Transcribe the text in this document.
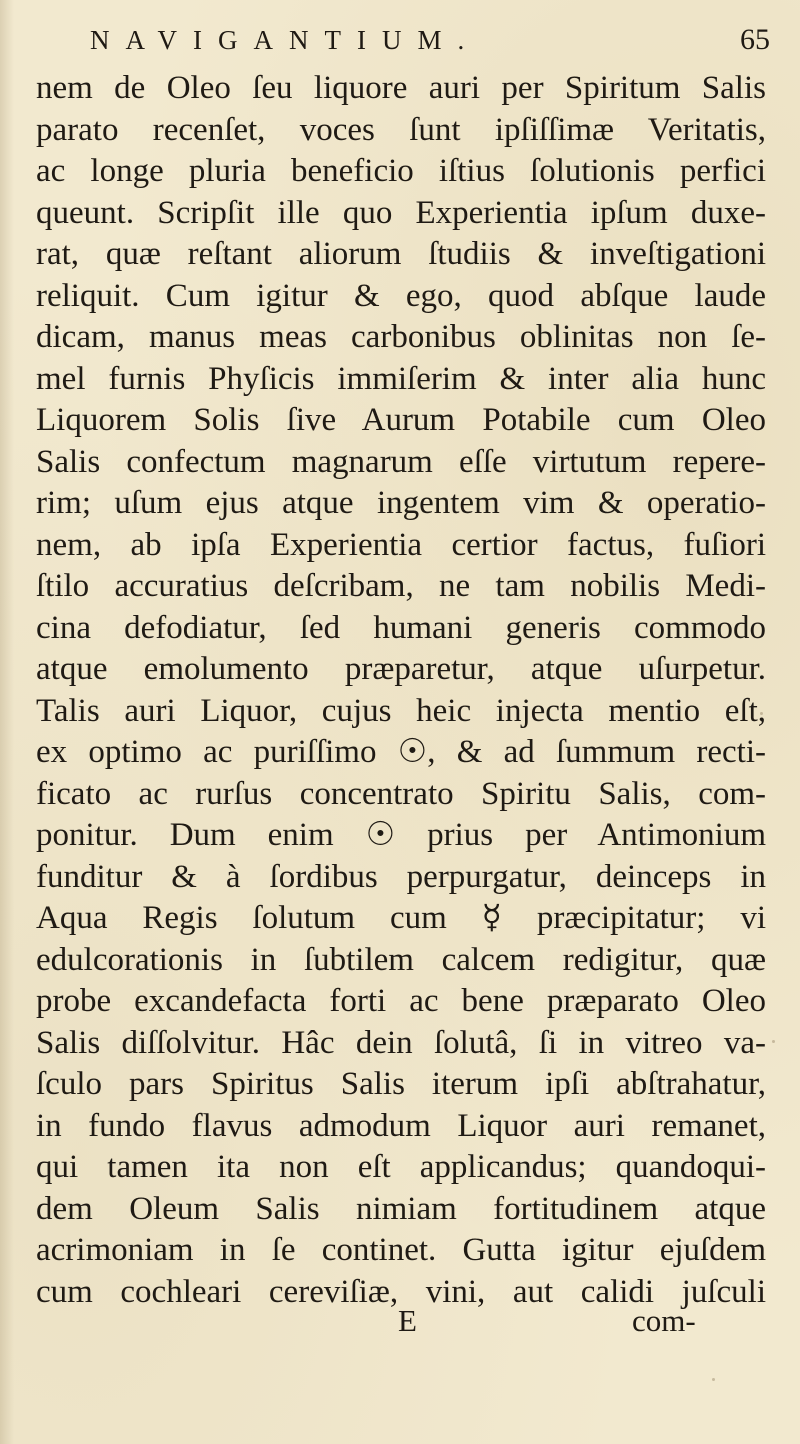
NAVIGANTIUM.	65
nem de Oleo ſeu liquore auri per Spiritum Salis
parato recenſet, voces ſunt ipſiſſimæ Veritatis,
ac longe pluria beneficio iſtius ſolutionis perfici
queunt. Scripſit ille quo Experientia ipſum duxe-
rat, quæ reſtant aliorum ſtudiis & inveſtigationi
reliquit. Cum igitur & ego, quod abſque laude
dicam, manus meas carbonibus oblinitas non ſe-
mel furnis Phyſicis immiſerim & inter alia hunc
Liquorem Solis ſive Aurum Potabile cum Oleo
Salis confectum magnarum eſſe virtutum repere-
rim; uſum ejus atque ingentem vim & operatio-
nem, ab ipſa Experientia certior factus, fuſiori
ſtilo accuratius deſcribam, ne tam nobilis Medi-
cina defodiatur, ſed humani generis commodo
atque emolumento præparetur, atque uſurpetur.
Talis auri Liquor, cujus heic injecta mentio eſt,
ex optimo ac puriſſimo ☉, & ad ſummum recti-
ficato ac rurſus concentrato Spiritu Salis, com-
ponitur. Dum enim ☉ prius per Antimonium
funditur & à ſordibus perpurgatur, deinceps in
Aqua Regis ſolutum cum ☿ præcipitatur; vi
edulcorationis in ſubtilem calcem redigitur, quæ
probe excandefacta forti ac bene præparato Oleo
Salis diſſolvitur. Hâc dein ſolutâ, ſi in vitreo va-
ſculo pars Spiritus Salis iterum ipſi abſtrahatur,
in fundo flavus admodum Liquor auri remanet,
qui tamen ita non eſt applicandus; quandoqui-
dem Oleum Salis nimiam fortitudinem atque
acrimoniam in ſe continet. Gutta igitur ejuſdem
cum cochleari cereviſiæ, vini, aut calidi juſculi
E	com-
